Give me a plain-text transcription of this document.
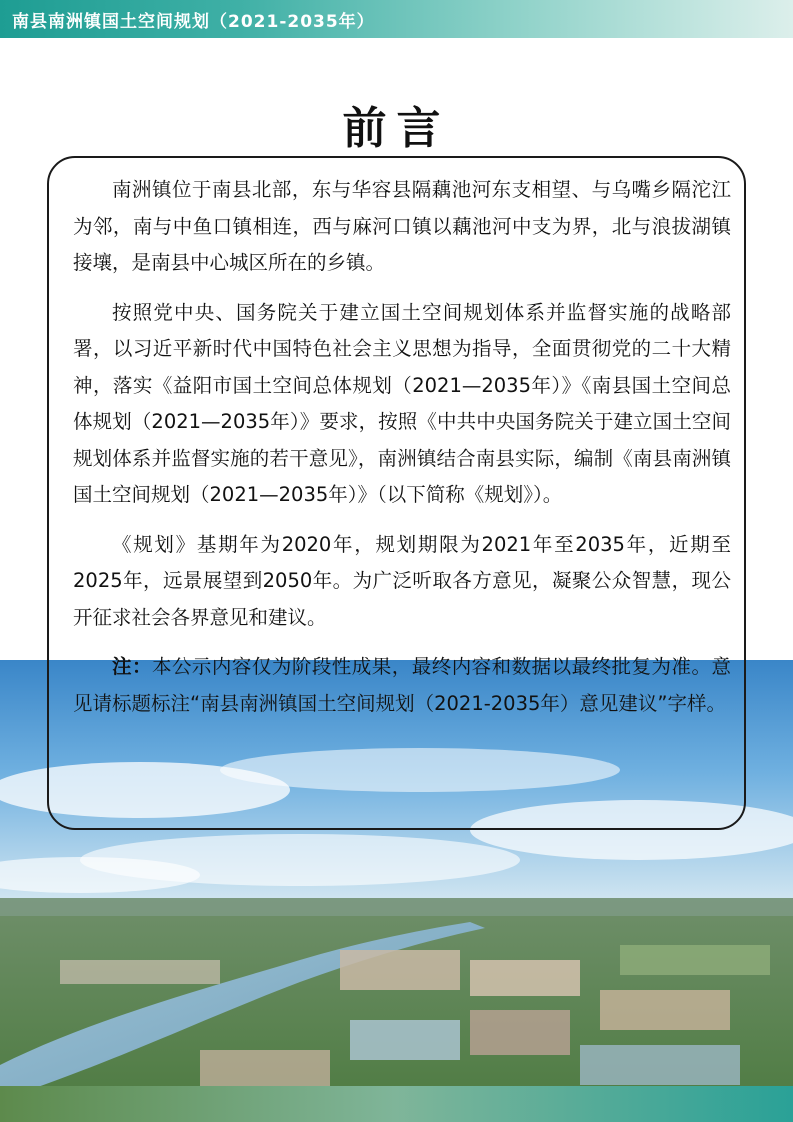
南县南洲镇国土空间规划（2021-2035年）
前言

南洲镇位于南县北部，东与华容县隔藕池河东支相望、与乌嘴乡隔沱江为邻，南与中鱼口镇相连，西与麻河口镇以藕池河中支为界，北与浪拔湖镇接壤，是南县中心城区所在的乡镇。

按照党中央、国务院关于建立国土空间规划体系并监督实施的战略部署，以习近平新时代中国特色社会主义思想为指导，全面贯彻党的二十大精神，落实《益阳市国土空间总体规划（2021—2035年）》《南县国土空间总体规划（2021—2035年）》要求，按照《中共中央国务院关于建立国土空间规划体系并监督实施的若干意见》，南洲镇结合南县实际，编制《南县南洲镇国土空间规划（2021—2035年）》（以下简称《规划》）。

《规划》基期年为2020年，规划期限为2021年至2035年，近期至2025年，远景展望到2050年。为广泛听取各方意见，凝聚公众智慧，现公开征求社会各界意见和建议。

注：本公示内容仅为阶段性成果，最终内容和数据以最终批复为准。意见请标题标注“南县南洲镇国土空间规划（2021-2035年）意见建议”字样。
